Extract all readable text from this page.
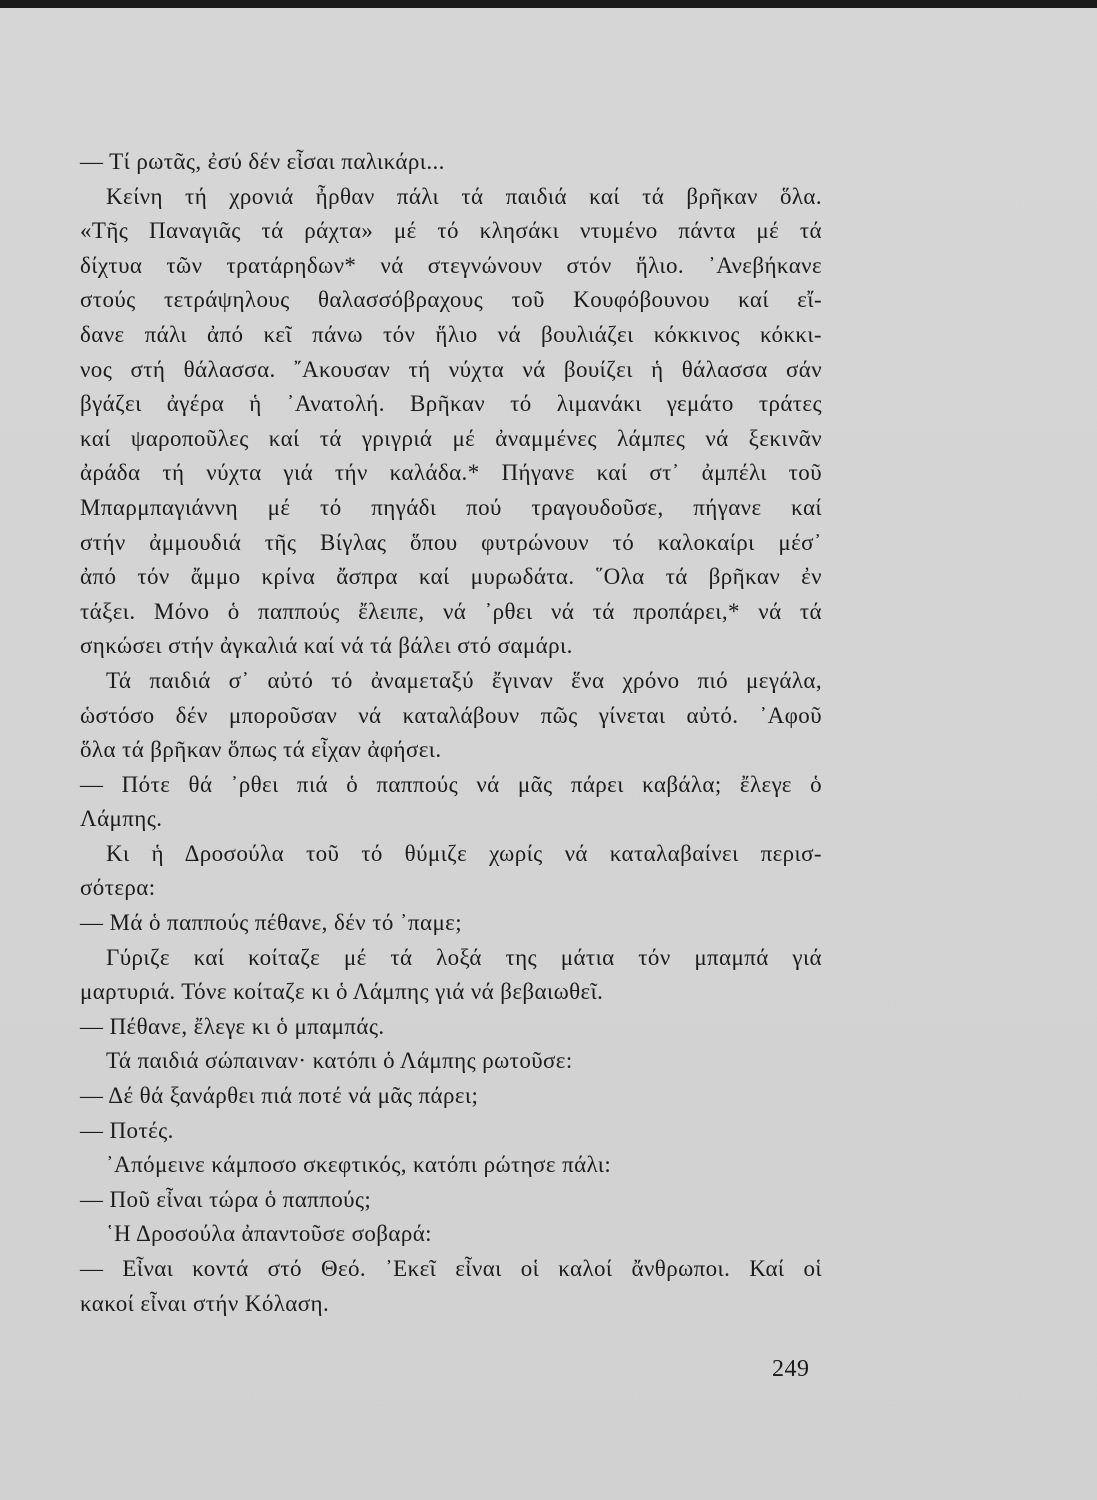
— Τί ρωτᾶς, ἐσύ δέν εἶσαι παλικάρι...
Κείνη τή χρονιά ἦρθαν πάλι τά παιδιά καί τά βρῆκαν ὅλα.
«Τῆς Παναγιᾶς τά ράχτα» μέ τό κλησάκι ντυμένο πάντα μέ τά
δίχτυα τῶν τρατάρηδων* νά στεγνώνουν στόν ἥλιο. ᾿Ανεβήκανε
στούς τετράψηλους θαλασσόβραχους τοῦ Κουφόβουνου καί εἴ-
δανε πάλι ἀπό κεῖ πάνω τόν ἥλιο νά βουλιάζει κόκκινος κόκκι-
νος στή θάλασσα. ῎Ακουσαν τή νύχτα νά βουίζει ἡ θάλασσα σάν
βγάζει ἀγέρα ἡ ᾿Ανατολή. Βρῆκαν τό λιμανάκι γεμάτο τράτες
καί ψαροποῦλες καί τά γριγριά μέ ἀναμμένες λάμπες νά ξεκινᾶν
ἀράδα τή νύχτα γιά τήν καλάδα.* Πήγανε καί στ᾿ ἀμπέλι τοῦ
Μπαρμπαγιάννη μέ τό πηγάδι πού τραγουδοῦσε, πήγανε καί
στήν ἀμμουδιά τῆς Βίγλας ὅπου φυτρώνουν τό καλοκαίρι μέσ᾿
ἀπό τόν ἄμμο κρίνα ἄσπρα καί μυρωδάτα. ῞Ολα τά βρῆκαν ἐν
τάξει. Μόνο ὁ παππούς ἔλειπε, νά ᾿ρθει νά τά προπάρει,* νά τά
σηκώσει στήν ἀγκαλιά καί νά τά βάλει στό σαμάρι.
Τά παιδιά σ᾿ αὐτό τό ἀναμεταξύ ἔγιναν ἕνα χρόνο πιό μεγάλα,
ὡστόσο δέν μποροῦσαν νά καταλάβουν πῶς γίνεται αὐτό. ᾿Αφοῦ
ὅλα τά βρῆκαν ὅπως τά εἶχαν ἀφήσει.
— Πότε θά ᾿ρθει πιά ὁ παππούς νά μᾶς πάρει καβάλα; ἔλεγε ὁ
Λάμπης.
Κι ἡ Δροσούλα τοῦ τό θύμιζε χωρίς νά καταλαβαίνει περισ-
σότερα:
— Μά ὁ παππούς πέθανε, δέν τό ᾿παμε;
Γύριζε καί κοίταζε μέ τά λοξά της μάτια τόν μπαμπά γιά
μαρτυριά. Τόνε κοίταζε κι ὁ Λάμπης γιά νά βεβαιωθεῖ.
— Πέθανε, ἔλεγε κι ὁ μπαμπάς.
Τά παιδιά σώπαιναν· κατόπι ὁ Λάμπης ρωτοῦσε:
— Δέ θά ξανάρθει πιά ποτέ νά μᾶς πάρει;
— Ποτές.
᾿Απόμεινε κάμποσο σκεφτικός, κατόπι ρώτησε πάλι:
— Ποῦ εἶναι τώρα ὁ παππούς;
῾Η Δροσούλα ἀπαντοῦσε σοβαρά:
— Εἶναι κοντά στό Θεό. ᾿Εκεῖ εἶναι οἱ καλοί ἄνθρωποι. Καί οἱ
κακοί εἶναι στήν Κόλαση.
249
